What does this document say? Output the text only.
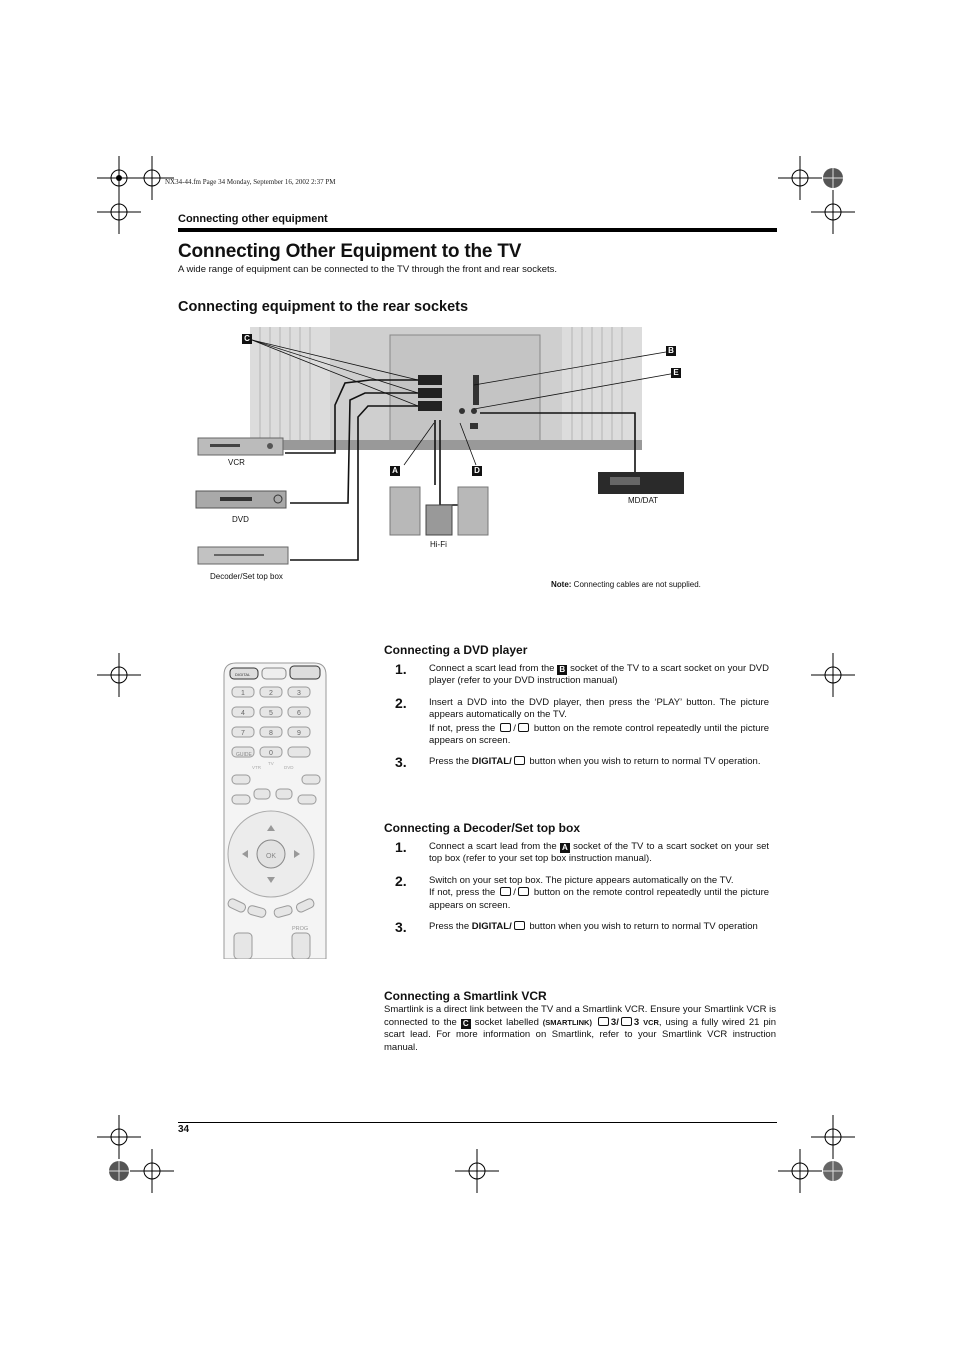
NX34-44.fm Page 34 Monday, September 16, 2002 2:37 PM
Connecting other equipment
Connecting Other Equipment to the TV

A wide range of equipment can be connected to the TV through the front and rear sockets.

Connecting equipment to the rear sockets
C
B
E
A	D
VCR
DVD
Decoder/Set top box
Hi-Fi
MD/DAT
Note: Connecting cables are not supplied.
1	2	3
4	5	6
7	8	9
0
DIGITAL
GUIDE
VTR
TV
DVD
OK
PROG
Connecting a DVD player
1. Connect a scart lead from the B socket of the TV to a scart socket on your DVD player (refer to your DVD instruction manual)
2. Insert a DVD into the DVD player, then press the ‘PLAY’ button. The picture appears automatically on the TV.
If not, press the / button on the remote control repeatedly until the picture appears on screen.
3. Press the DIGITAL/ button when you wish to return to normal TV operation.
Connecting a Decoder/Set top box
1. Connect a scart lead from the A socket of the TV to a scart socket on your set top box (refer to your set top box instruction manual).
2. Switch on your set top box. The picture appears automatically on the TV.
If not, press the / button on the remote control repeatedly until the picture appears on screen.
3. Press the DIGITAL/ button when you wish to return to normal TV operation
Connecting a Smartlink VCR

Smartlink is a direct link between the TV and a Smartlink VCR. Ensure your Smartlink VCR is connected to the C socket labelled (SMARTLINK) 3/ 3 VCR, using a fully wired 21 pin scart lead. For more information on Smartlink, refer to your Smartlink VCR instruction manual.

34
